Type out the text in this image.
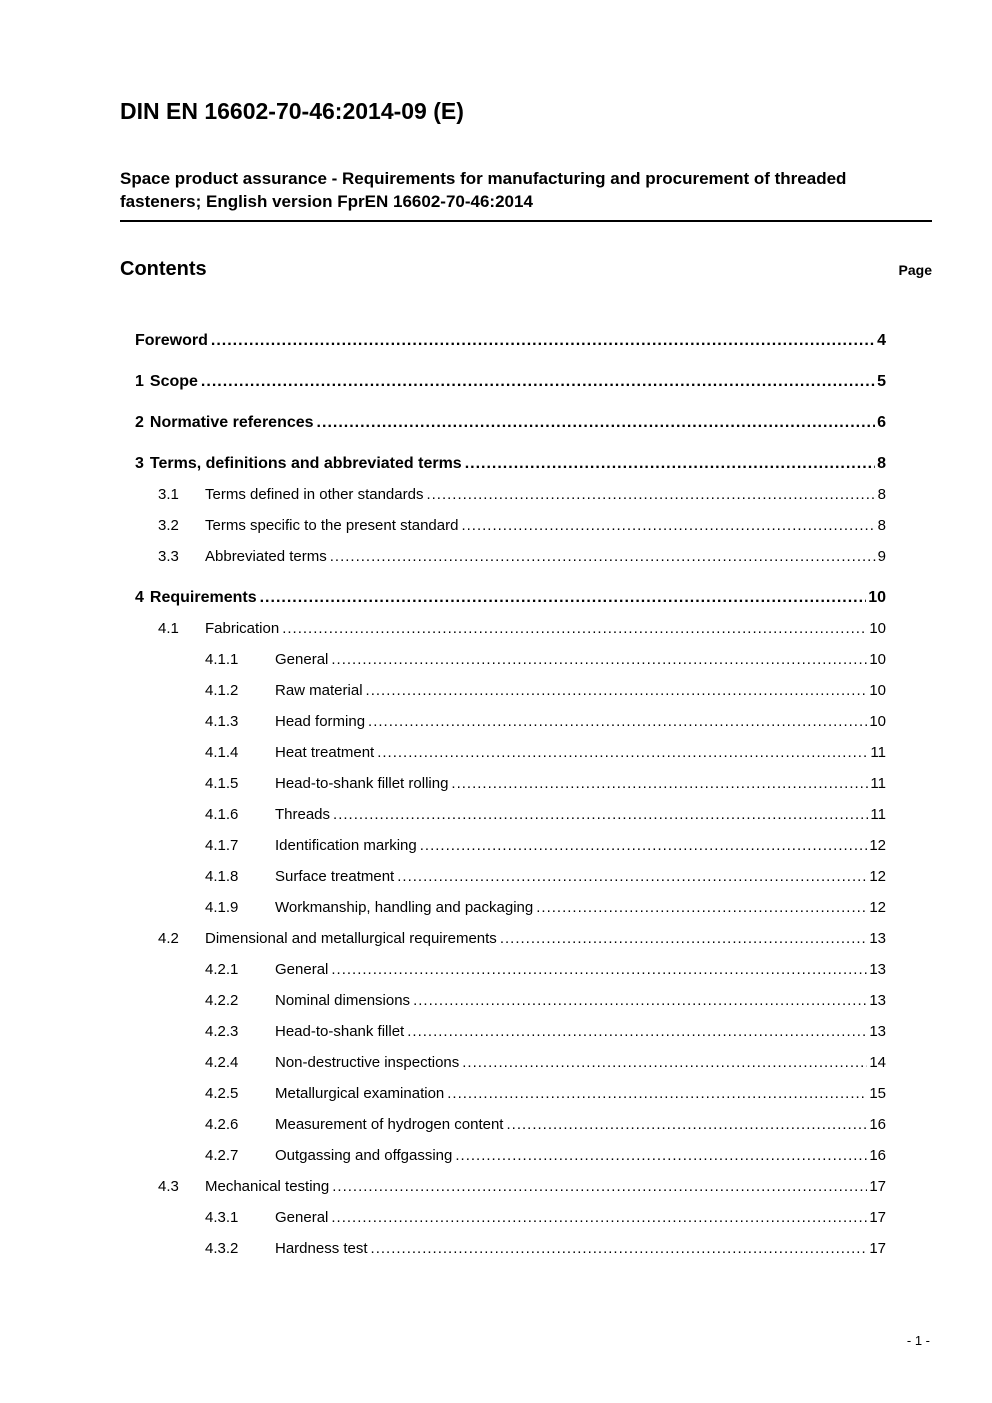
DIN EN 16602-70-46:2014-09 (E)
Space product assurance - Requirements for manufacturing and procurement of threaded fasteners; English version FprEN 16602-70-46:2014
Contents	Page
Foreword .....	4
1 Scope .....	5
2 Normative references .....	6
3 Terms, definitions and abbreviated terms .....	8
3.1	Terms defined in other standards .....	8
3.2	Terms specific to the present standard .....	8
3.3	Abbreviated terms .....	9
4 Requirements .....	10
4.1	Fabrication .....	10
4.1.1	General .....	10
4.1.2	Raw material .....	10
4.1.3	Head forming .....	10
4.1.4	Heat treatment .....	11
4.1.5	Head-to-shank fillet rolling .....	11
4.1.6	Threads .....	11
4.1.7	Identification marking .....	12
4.1.8	Surface treatment .....	12
4.1.9	Workmanship, handling and packaging .....	12
4.2	Dimensional and metallurgical requirements .....	13
4.2.1	General .....	13
4.2.2	Nominal dimensions .....	13
4.2.3	Head-to-shank fillet .....	13
4.2.4	Non-destructive inspections .....	14
4.2.5	Metallurgical examination .....	15
4.2.6	Measurement of hydrogen content .....	16
4.2.7	Outgassing and offgassing .....	16
4.3	Mechanical testing .....	17
4.3.1	General .....	17
4.3.2	Hardness test .....	17
- 1 -
